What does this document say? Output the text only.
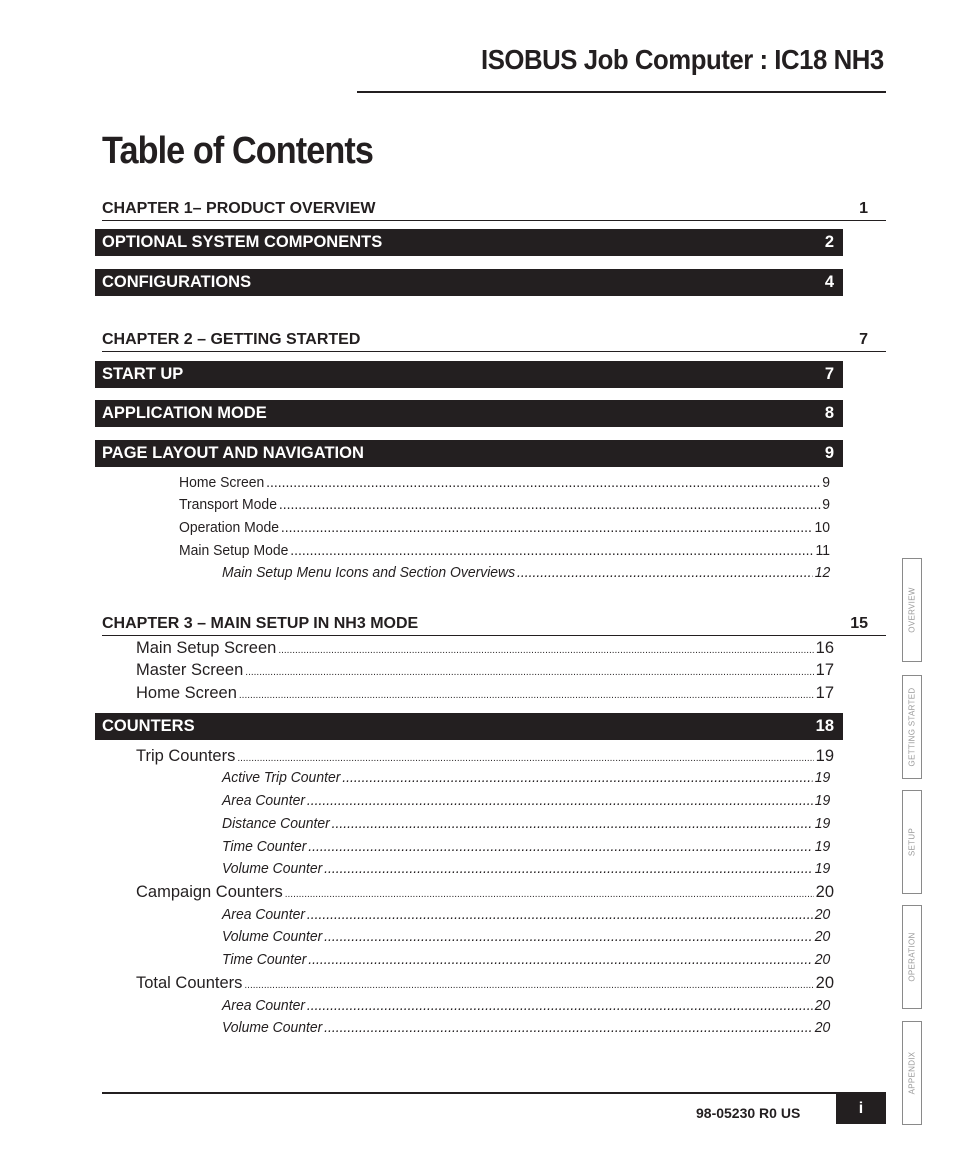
ISOBUS Job Computer : IC18 NH3
Table of Contents
CHAPTER 1– PRODUCT OVERVIEW	1
OPTIONAL SYSTEM COMPONENTS	2
CONFIGURATIONS	4
CHAPTER 2 – GETTING STARTED	7
START UP	7
APPLICATION MODE	8
PAGE LAYOUT AND NAVIGATION	9
Home Screen .....	9
Transport Mode .....	9
Operation Mode .....	10
Main Setup Mode .....	11
Main Setup Menu Icons and Section Overviews .....	12
CHAPTER 3 – MAIN SETUP IN NH3 MODE	15
Main Setup Screen .....	16
Master Screen .....	17
Home Screen .....	17
COUNTERS	18
Trip Counters .....	19
Active Trip Counter .....	19
Area Counter .....	19
Distance Counter .....	19
Time Counter .....	19
Volume Counter .....	19
Campaign Counters .....	20
Area Counter .....	20
Volume Counter .....	20
Time Counter .....	20
Total Counters .....	20
Area Counter .....	20
Volume Counter .....	20
OVERVIEW
GETTING STARTED
SETUP
OPERATION
APPENDIX
98-05230 R0 US	i
